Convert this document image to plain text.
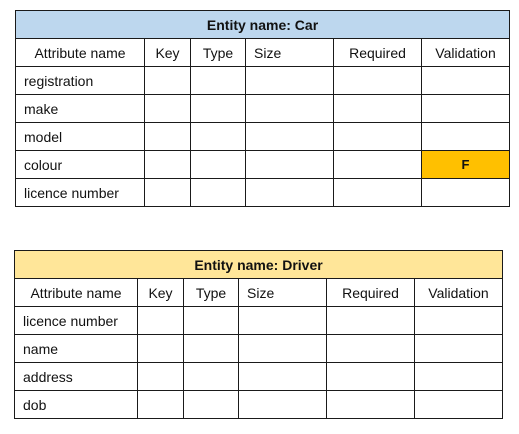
Entity name: Car					
Attribute name	Key	Type	Size	Required	Validation
registration					
make					
model					
colour					F
licence number					
Entity name: Driver					
Attribute name	Key	Type	Size	Required	Validation
licence number					
name					
address					
dob					
